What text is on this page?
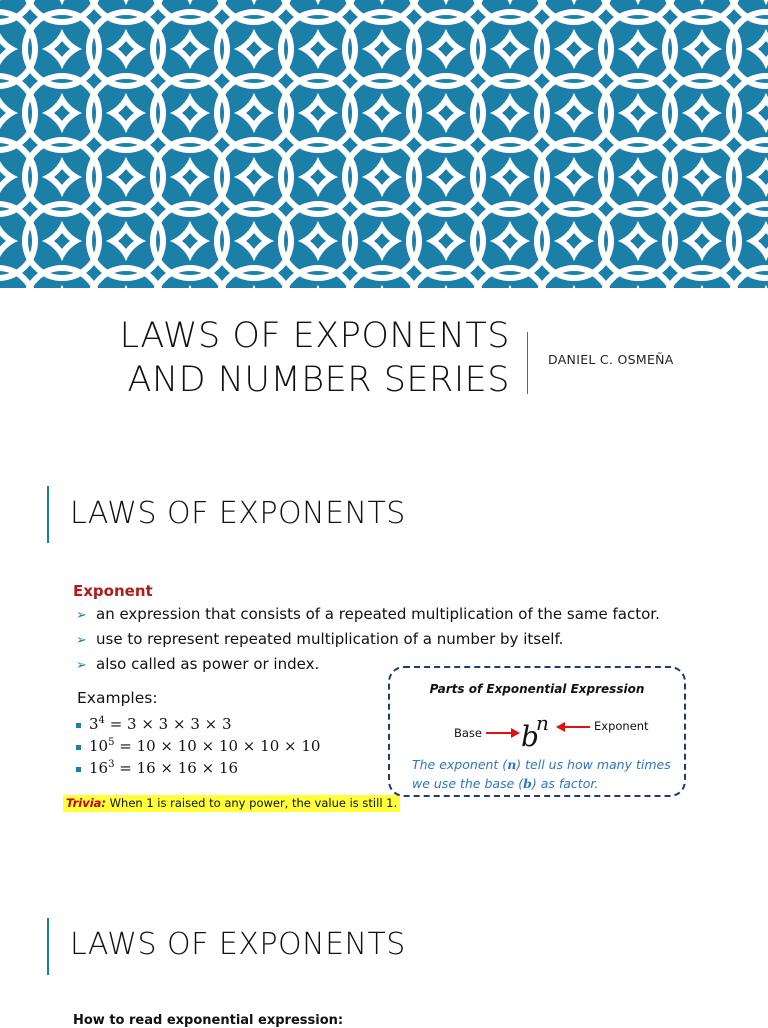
LAWS OF EXPONENTS
AND NUMBER SERIES
DANIEL C. OSMEÑA
LAWS OF EXPONENTS
Exponent
➢ an expression that consists of a repeated multiplication of the same factor.
➢ use to represent repeated multiplication of a number by itself.
➢ also called as power or index.
Examples:
$3^4 = 3 \times 3 \times 3 \times 3$
$10^5 = 10 \times 10 \times 10 \times 10 \times 10$
$16^3 = 16 \times 16 \times 16$
Trivia: When 1 is raised to any power, the value is still 1.
Parts of Exponential Expression
b
n
Base	Exponent
The exponent (n) tell us how many times
we use the base (b) as factor.
LAWS OF EXPONENTS
How to read exponential expression:
